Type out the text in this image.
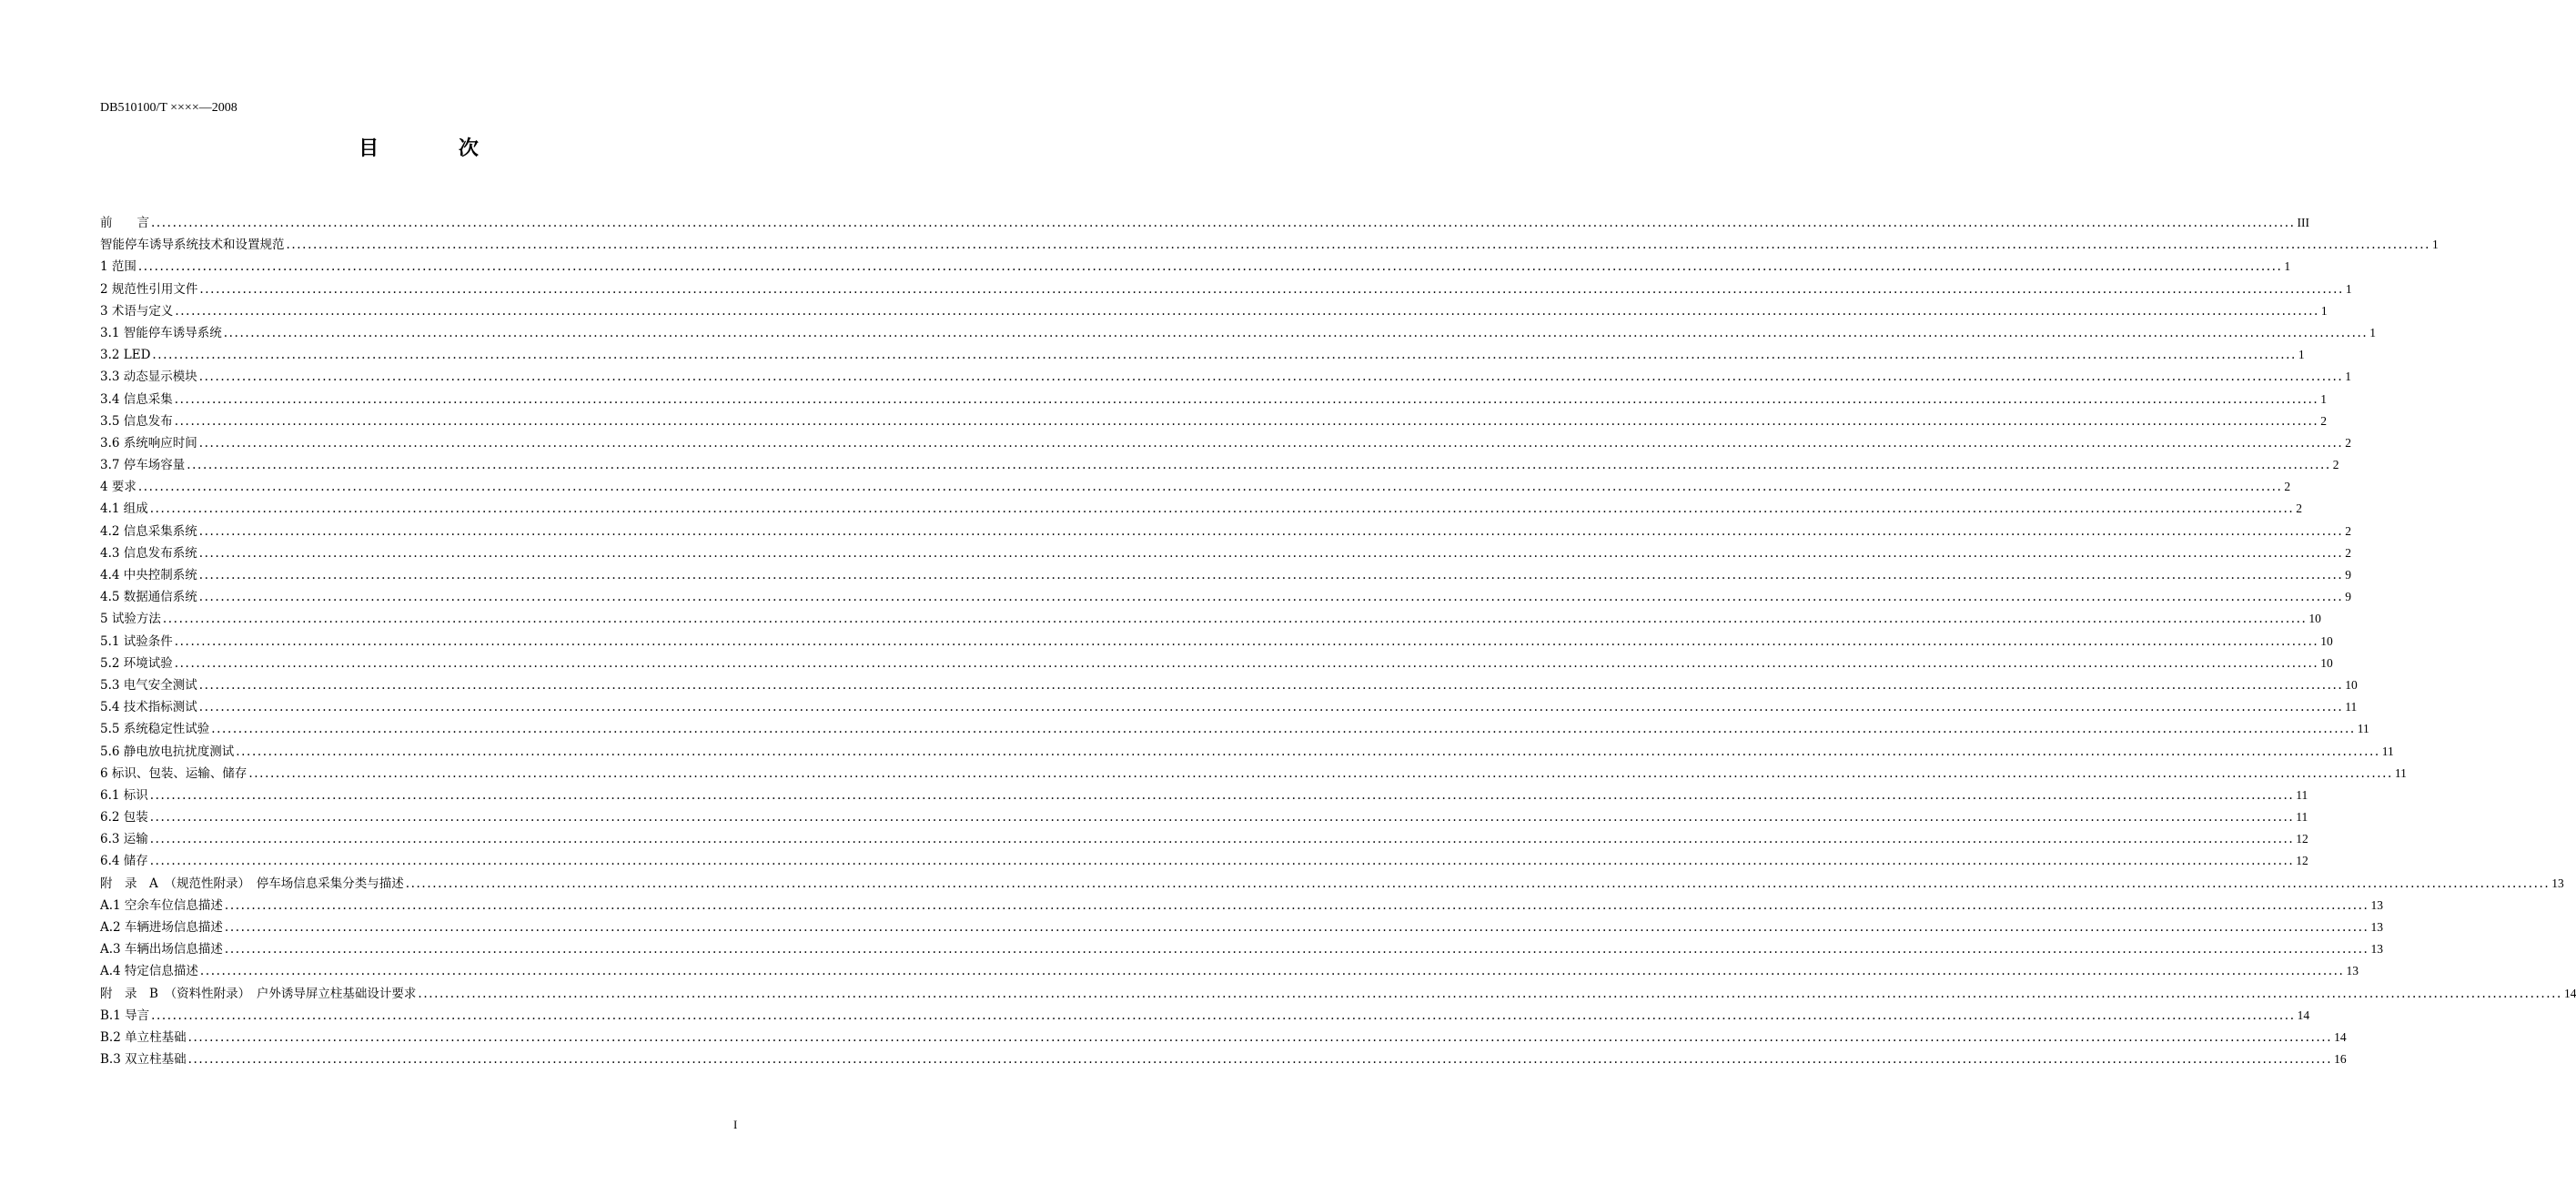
DB510100/T ××××—2008
目 次
前　　言 ................................................................................................................................................................................................................................................................................................................................................................................................................ III
智能停车诱导系统技术和设置规范 ................................................................................................................................................................................................................................................................................................................................................................................................................ 1
1 范围 ................................................................................................................................................................................................................................................................................................................................................................................................................ 1
2 规范性引用文件 ................................................................................................................................................................................................................................................................................................................................................................................................................ 1
3 术语与定义 ................................................................................................................................................................................................................................................................................................................................................................................................................ 1
3.1 智能停车诱导系统 ................................................................................................................................................................................................................................................................................................................................................................................................................ 1
3.2 LED ................................................................................................................................................................................................................................................................................................................................................................................................................ 1
3.3 动态显示模块 ................................................................................................................................................................................................................................................................................................................................................................................................................ 1
3.4 信息采集 ................................................................................................................................................................................................................................................................................................................................................................................................................ 1
3.5 信息发布 ................................................................................................................................................................................................................................................................................................................................................................................................................ 2
3.6 系统响应时间 ................................................................................................................................................................................................................................................................................................................................................................................................................ 2
3.7 停车场容量 ................................................................................................................................................................................................................................................................................................................................................................................................................ 2
4 要求 ................................................................................................................................................................................................................................................................................................................................................................................................................ 2
4.1 组成 ................................................................................................................................................................................................................................................................................................................................................................................................................ 2
4.2 信息采集系统 ................................................................................................................................................................................................................................................................................................................................................................................................................ 2
4.3 信息发布系统 ................................................................................................................................................................................................................................................................................................................................................................................................................ 2
4.4 中央控制系统 ................................................................................................................................................................................................................................................................................................................................................................................................................ 9
4.5 数据通信系统 ................................................................................................................................................................................................................................................................................................................................................................................................................ 9
5 试验方法 ................................................................................................................................................................................................................................................................................................................................................................................................................ 10
5.1 试验条件 ................................................................................................................................................................................................................................................................................................................................................................................................................ 10
5.2 环境试验 ................................................................................................................................................................................................................................................................................................................................................................................................................ 10
5.3 电气安全测试 ................................................................................................................................................................................................................................................................................................................................................................................................................ 10
5.4 技术指标测试 ................................................................................................................................................................................................................................................................................................................................................................................................................ 11
5.5 系统稳定性试验 ................................................................................................................................................................................................................................................................................................................................................................................................................ 11
5.6 静电放电抗扰度测试 ................................................................................................................................................................................................................................................................................................................................................................................................................ 11
6 标识、包装、运输、储存 ................................................................................................................................................................................................................................................................................................................................................................................................................ 11
6.1 标识 ................................................................................................................................................................................................................................................................................................................................................................................................................ 11
6.2 包装 ................................................................................................................................................................................................................................................................................................................................................................................................................ 11
6.3 运输 ................................................................................................................................................................................................................................................................................................................................................................................................................ 12
6.4 储存 ................................................................................................................................................................................................................................................................................................................................................................................................................ 12
附　录　A　（规范性附录）　停车场信息采集分类与描述 ................................................................................................................................................................................................................................................................................................................................................................................................................ 13
A.1 空余车位信息描述 ................................................................................................................................................................................................................................................................................................................................................................................................................ 13
A.2 车辆进场信息描述 ................................................................................................................................................................................................................................................................................................................................................................................................................ 13
A.3 车辆出场信息描述 ................................................................................................................................................................................................................................................................................................................................................................................................................ 13
A.4 特定信息描述 ................................................................................................................................................................................................................................................................................................................................................................................................................ 13
附　录　B　（资料性附录）　户外诱导屏立柱基础设计要求 ................................................................................................................................................................................................................................................................................................................................................................................................................ 14
B.1 导言 ................................................................................................................................................................................................................................................................................................................................................................................................................ 14
B.2 单立柱基础 ................................................................................................................................................................................................................................................................................................................................................................................................................ 14
B.3 双立柱基础 ................................................................................................................................................................................................................................................................................................................................................................................................................ 16
I
